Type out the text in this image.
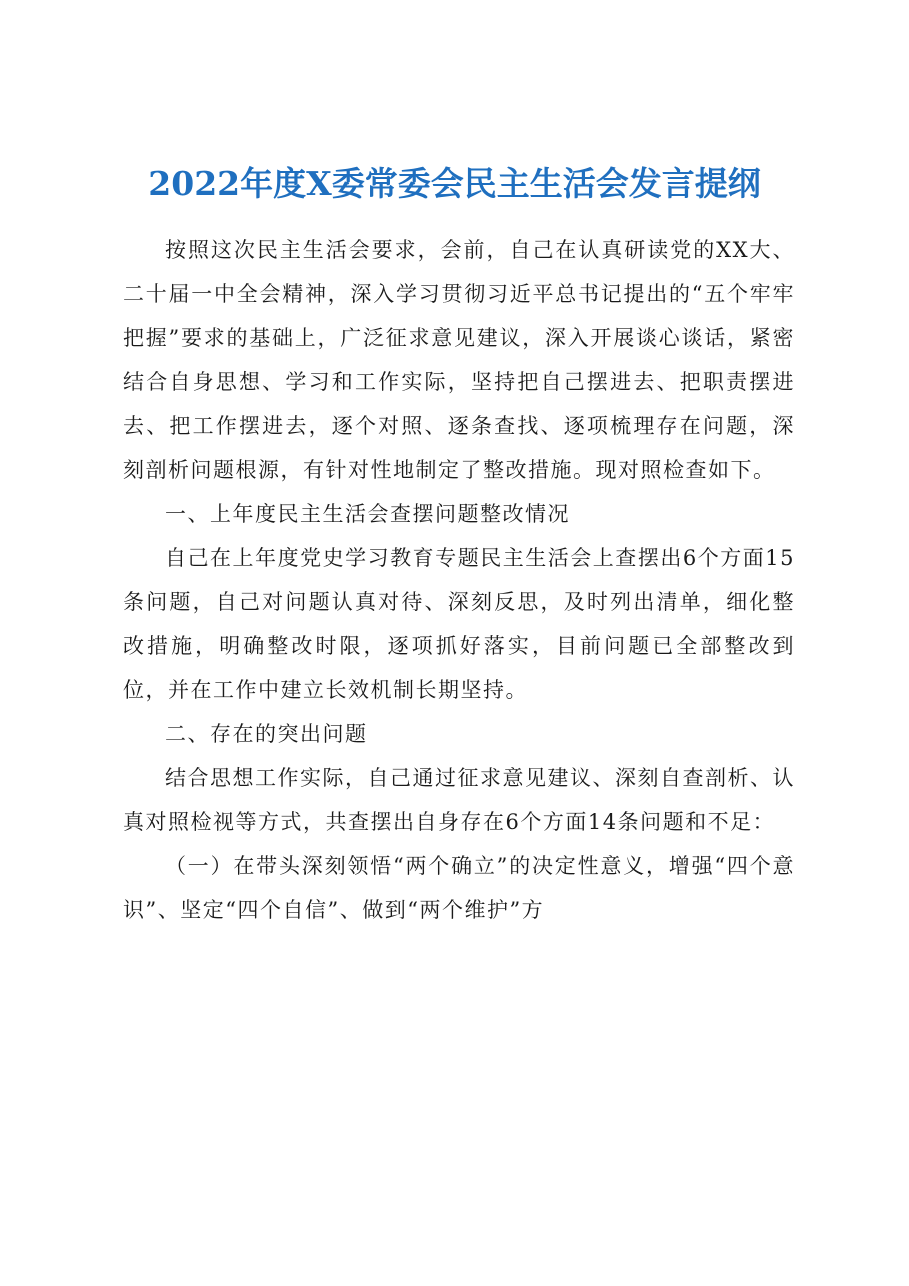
2022年度X委常委会民主生活会发言提纲

按照这次民主生活会要求，会前，自己在认真研读党的XX大、二十届一中全会精神，深入学习贯彻习近平总书记提出的“五个牢牢把握”要求的基础上，广泛征求意见建议，深入开展谈心谈话，紧密结合自身思想、学习和工作实际，坚持把自己摆进去、把职责摆进去、把工作摆进去，逐个对照、逐条查找、逐项梳理存在问题，深刻剖析问题根源，有针对性地制定了整改措施。现对照检查如下。

一、上年度民主生活会查摆问题整改情况

自己在上年度党史学习教育专题民主生活会上查摆出6个方面15条问题，自己对问题认真对待、深刻反思，及时列出清单，细化整改措施，明确整改时限，逐项抓好落实，目前问题已全部整改到位，并在工作中建立长效机制长期坚持。

二、存在的突出问题

结合思想工作实际，自己通过征求意见建议、深刻自查剖析、认真对照检视等方式，共查摆出自身存在6个方面14条问题和不足：

（一）在带头深刻领悟“两个确立”的决定性意义，增强“四个意识”、坚定“四个自信”、做到“两个维护”方
